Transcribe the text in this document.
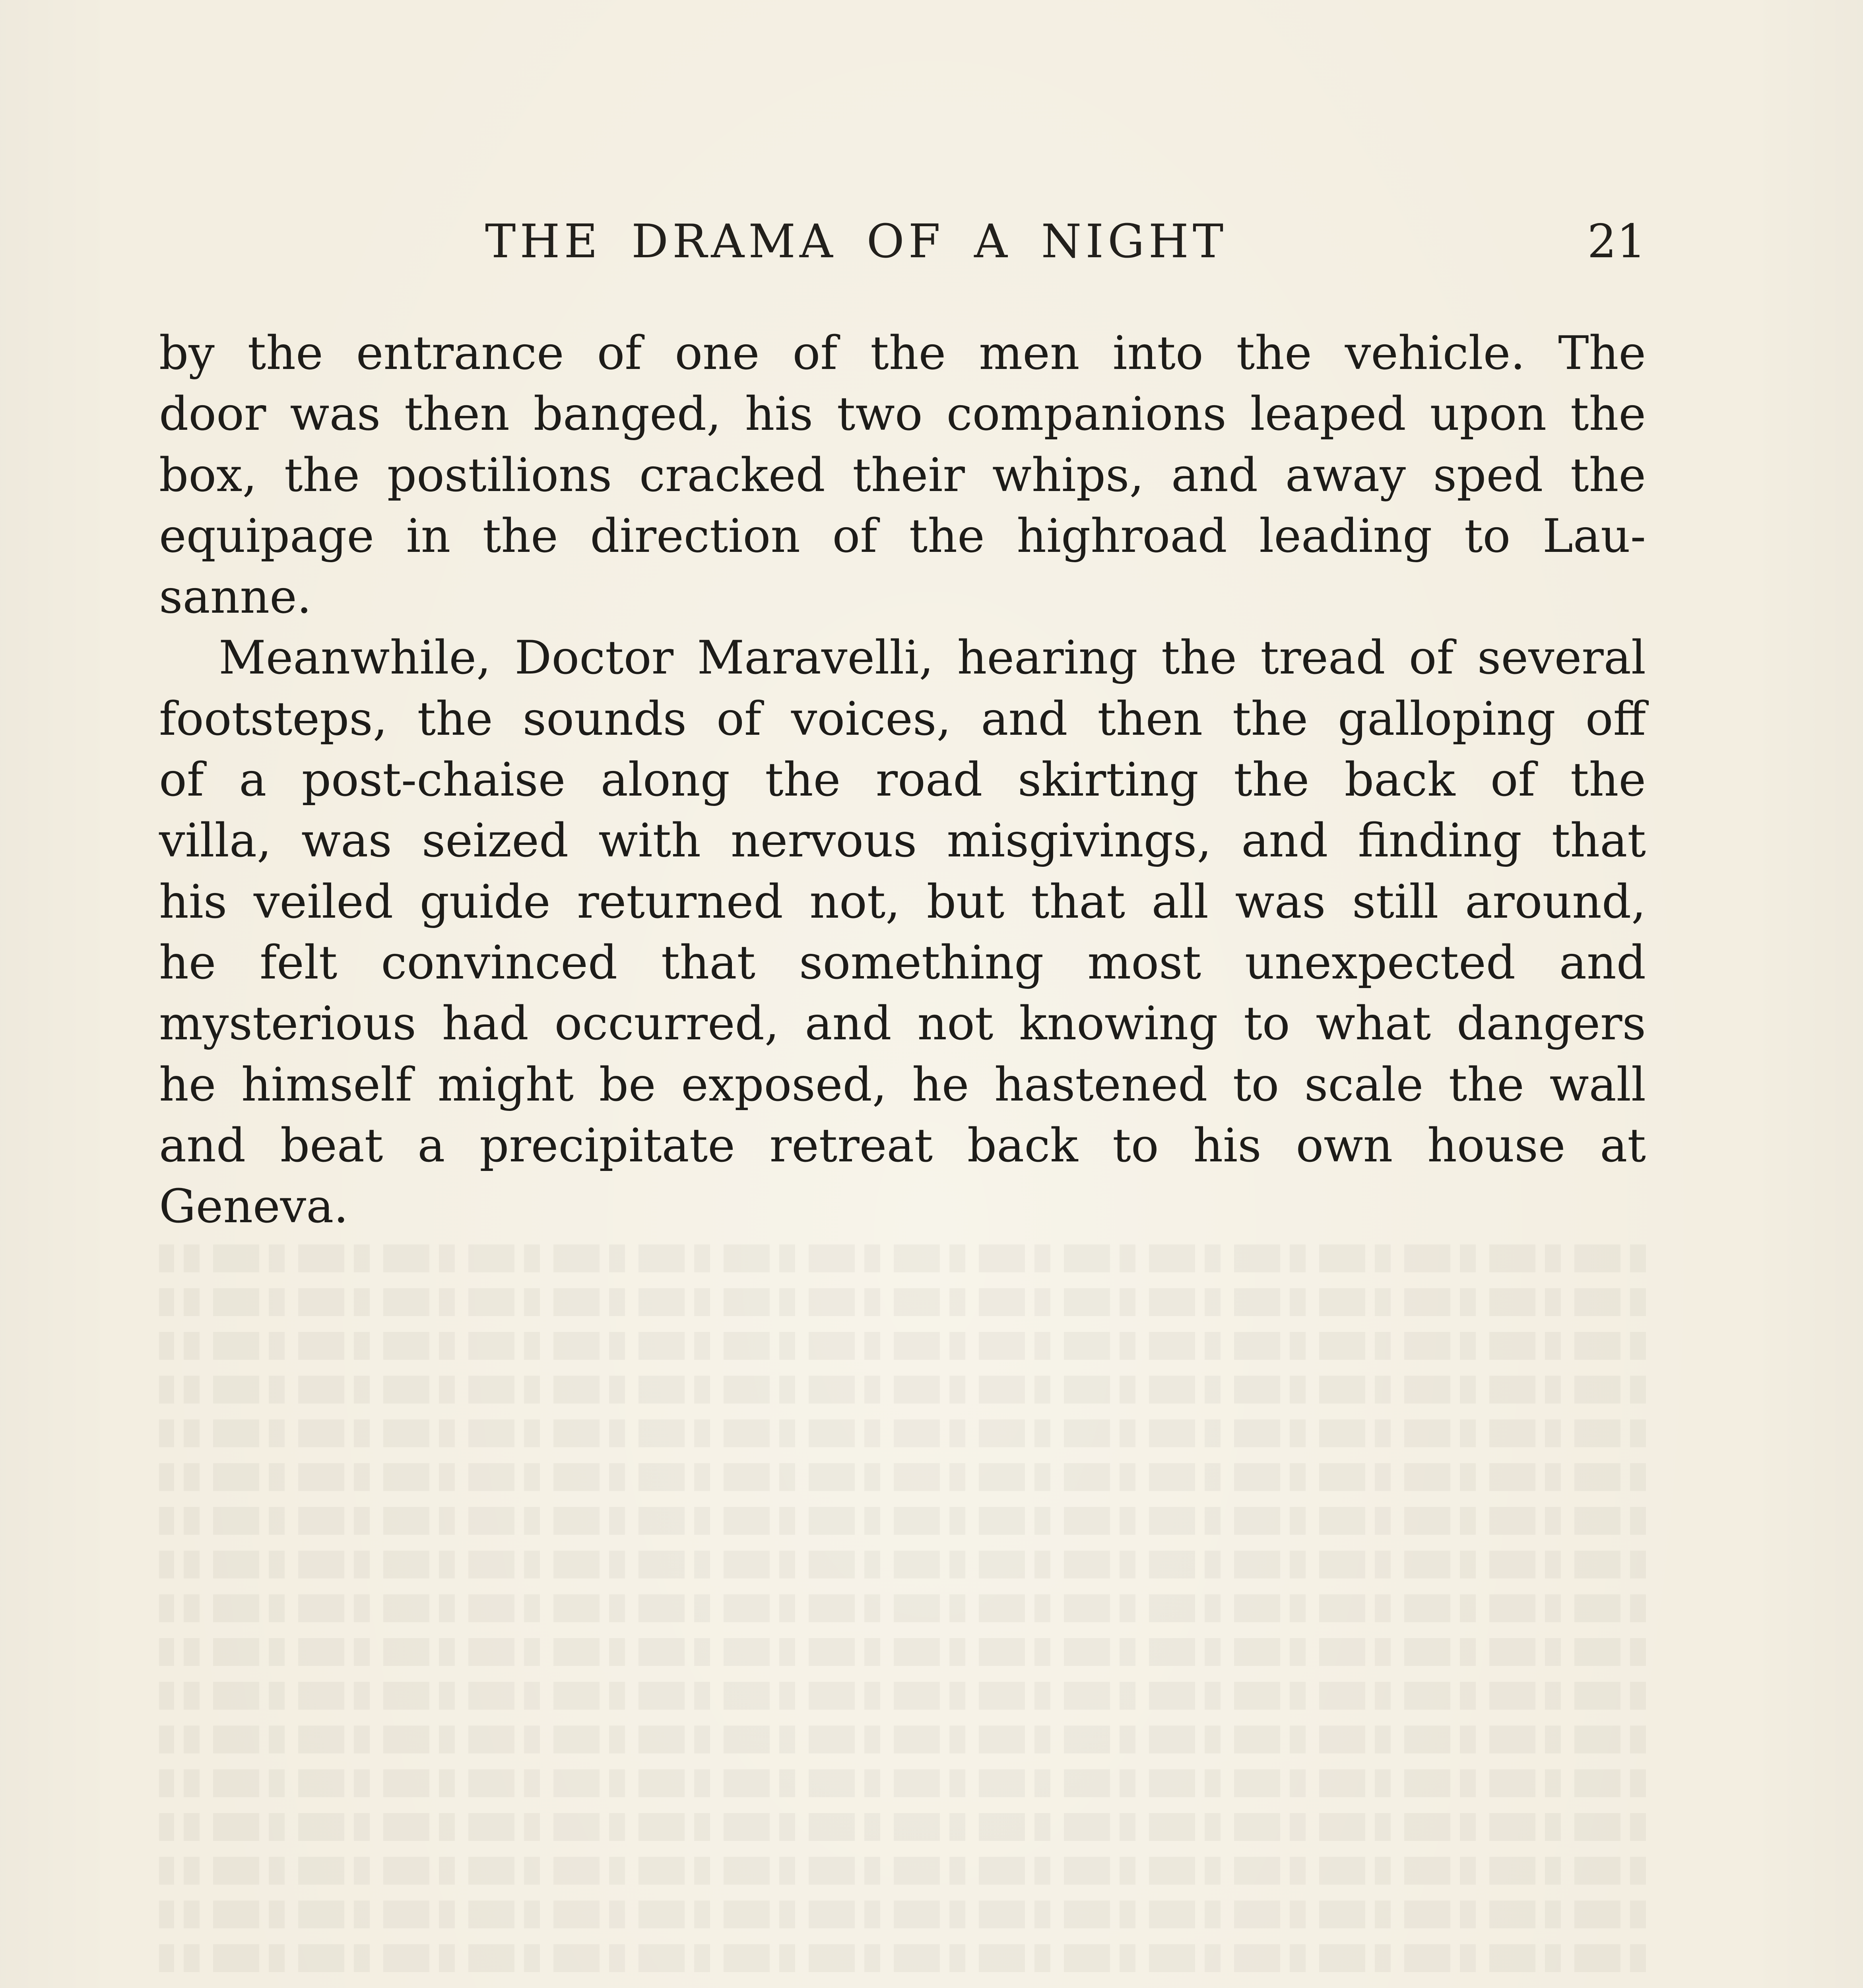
THE DRAMA OF A NIGHT	21
by the entrance of one of the men into the vehicle. The
door was then banged, his two companions leaped upon the
box, the postilions cracked their whips, and away sped the
equipage in the direction of the highroad leading to Lau-
sanne.
Meanwhile, Doctor Maravelli, hearing the tread of several
footsteps, the sounds of voices, and then the galloping off
of a post-chaise along the road skirting the back of the
villa, was seized with nervous misgivings, and finding that
his veiled guide returned not, but that all was still around,
he felt convinced that something most unexpected and
mysterious had occurred, and not knowing to what dangers
he himself might be exposed, he hastened to scale the wall
and beat a precipitate retreat back to his own house at
Geneva.
